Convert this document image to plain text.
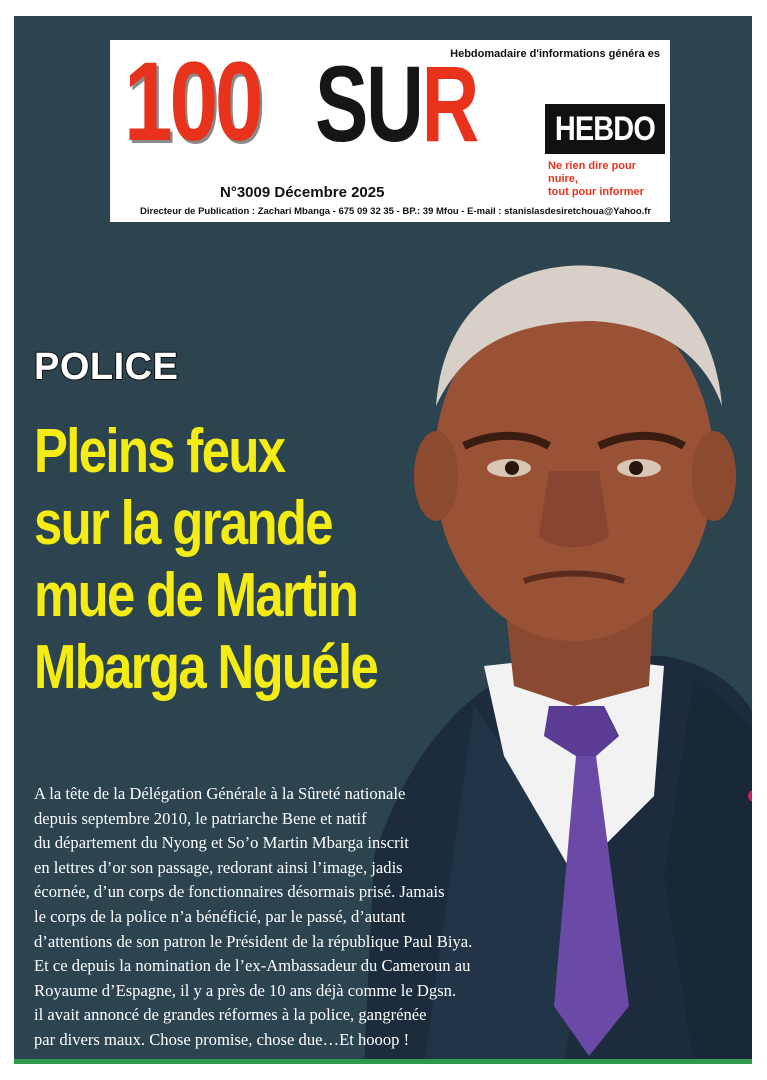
Hebdomadaire d'informations généra es
100 SUR HEBDO
Ne rien dire pour nuire,
tout pour informer
N°3009 Décembre 2025
Directeur de Publication : Zachari Mbanga - 675 09 32 35 - BP.: 39 Mfou - E-mail : stanislasdesiretchoua@Yahoo.fr
POLICE
Pleins feux
sur la grande
mue de Martin
Mbarga Nguéle

A la tête de la Délégation Générale à la Sûreté nationale
depuis septembre 2010, le patriarche Bene et natif
du département du Nyong et So’o Martin Mbarga inscrit
en lettres d’or son passage, redorant ainsi l’image, jadis
écornée, d’un corps de fonctionnaires désormais prisé. Jamais
le corps de la police n’a bénéficié, par le passé, d’autant
d’attentions de son patron le Président de la république Paul Biya.
Et ce depuis la nomination de l’ex-Ambassadeur du Cameroun au
Royaume d’Espagne, il y a près de 10 ans déjà comme le Dgsn.
il avait annoncé de grandes réformes à la police, gangrénée
par divers maux. Chose promise, chose due…Et hooop !
